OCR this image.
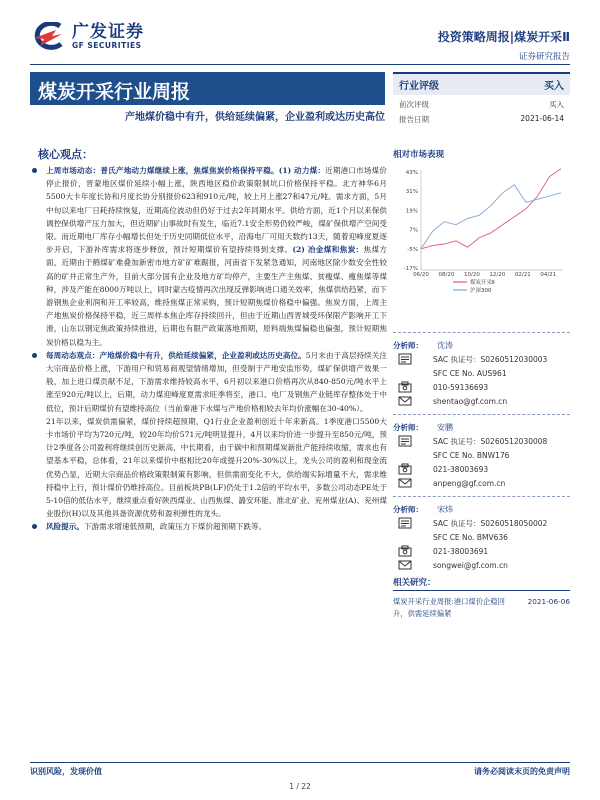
广发证券
GF SECURITIES
投资策略周报|煤炭开采Ⅱ
证券研究报告
煤炭开采行业周报
产地煤价稳中有升，供给延续偏紧，企业盈利或达历史高位
行业评级	买入
前次评级	买入
报告日期	2021-06-14
核心观点：
上周市场动态：普氏产地动力煤继续上涨，焦煤焦炭价格保持平稳。(1) 动力煤：近期港口市场煤价停止报价，晋蒙地区煤价延续小幅上涨，陕西地区稳价政策限制坑口价格保持平稳。北方神华6月5500大卡年度长协和月度长协分别报价623和910元/吨，较上月上涨27和47元/吨。需求方面，5月中旬以来电厂日耗持续恢复，近期高位波动但仍好于过去2年同期水平。供给方面，近1个月以来保供调控保供增产压力加大，但近期矿山事故时有发生，临近7.1安全形势仍较严峻，煤矿保供增产空间受限。而近期电厂库存小幅增长但处于历史同期低位水平，沿海电厂可用天数约13天，随着迎峰度夏逐步开启，下游补库需求将逐步释放，预计短期煤价有望持续得到支撑。(2) 冶金煤和焦炭：焦煤方面，近期由于鹤煤矿难叠加新密市地方矿矿难踞报，河南省下发紧急通知，河南地区除少数安全性较高的矿井正常生产外，目前大部分国有企业及地方矿均停产，主要生产主焦煤、贫瘦煤、瘦焦煤等煤种，涉及产能在8000万吨以上，同时蒙古疫情再次出现反弹影响进口通关效率，焦煤供给趋紧，而下游钢焦企业利润和开工率较高，维持焦煤正常采购，预计短期焦煤价格稳中偏强。焦炭方面，上周主产地焦炭价格保持平稳，近三周样本焦企库存持续回升，但由于近期山西晋城受环保限产影响开工下滑，山东以钢定焦政策持续推进，后期也有限产政策落地预期，原料端焦煤偏稳也偏强，预计短期焦炭价格以稳为主。
每周动态观点：产地煤价稳中有升，供给延续偏紧，企业盈利或达历史高位。5月末由于高层持续关注大宗商品价格上涨，下游用户和贸易商观望情绪增加，但受制于产地安监形势，煤矿保供增产效果一般，加上进口煤贡献不足，下游需求维持较高水平，6月初以来港口价格再次从840-850元/吨水平上涨至920元/吨以上，后期，动力煤迎峰度夏需求旺季将至，港口、电厂及钢焦产业链库存整体处于中低位，预计后期煤价有望维持高位（当前秦港下水煤与产地价格相较去年均价涨幅在30-40%）。
21年以来，煤炭供需偏紧，煤价持续超预期，Q1行业企业盈利创近十年来新高。1季度港口5500大卡市场价平均为720元/吨，较20年均价571元/吨明显提升，4月以来均价进一步提升至850元/吨，预计2季度各公司盈利将继续创历史新高，中长期看，由于碳中和预期煤炭新批产能持续收缩，需求也有望基本平稳，总体看，21年以来煤价中枢相比20年或提升20%-30%以上，龙头公司的盈利和现金流优势凸显，近期大宗商品价格政策限制策有影响，但供需面变化不大，供给端实际增量不大，需求维持稳中上行，预计煤价仍维持高位。目前板块PB(LF)仍处于1.2倍的平均水平，多数公司动态PE处于5-10倍的低估水平，继续重点看好陕西煤业、山西焦煤、潞安环能、淮北矿业、兖州煤业(A)、兖州煤业股份(H)以及其他具备资源优势和盈利弹性的龙头。
风险提示。下游需求增速低预期，政策压力下煤价超预期下跌等。
相对市场表现
43%
31%
19%
7%
-5%
-17%
06/20 08/20 10/20 12/20 02/21 04/21
煤炭开采Ⅱ
沪深300
分析师：	沈涛
SAC 执证号：S0260512030003
SFC CE No. AUS961
010-59136693
shentao@gf.com.cn
分析师：	安鹏
SAC 执证号：S0260512030008
SFC CE No. BNW176
021-38003693
anpeng@gf.com.cn
分析师：	宋炜
SAC 执证号：S0260518050002
SFC CE No. BMV636
021-38003691
songwei@gf.com.cn
相关研究：
煤炭开采行业周报:港口煤价企稳回升，供需延续偏紧
2021-06-06
识别风险，发现价值	请务必阅读末页的免责声明
1 / 22
